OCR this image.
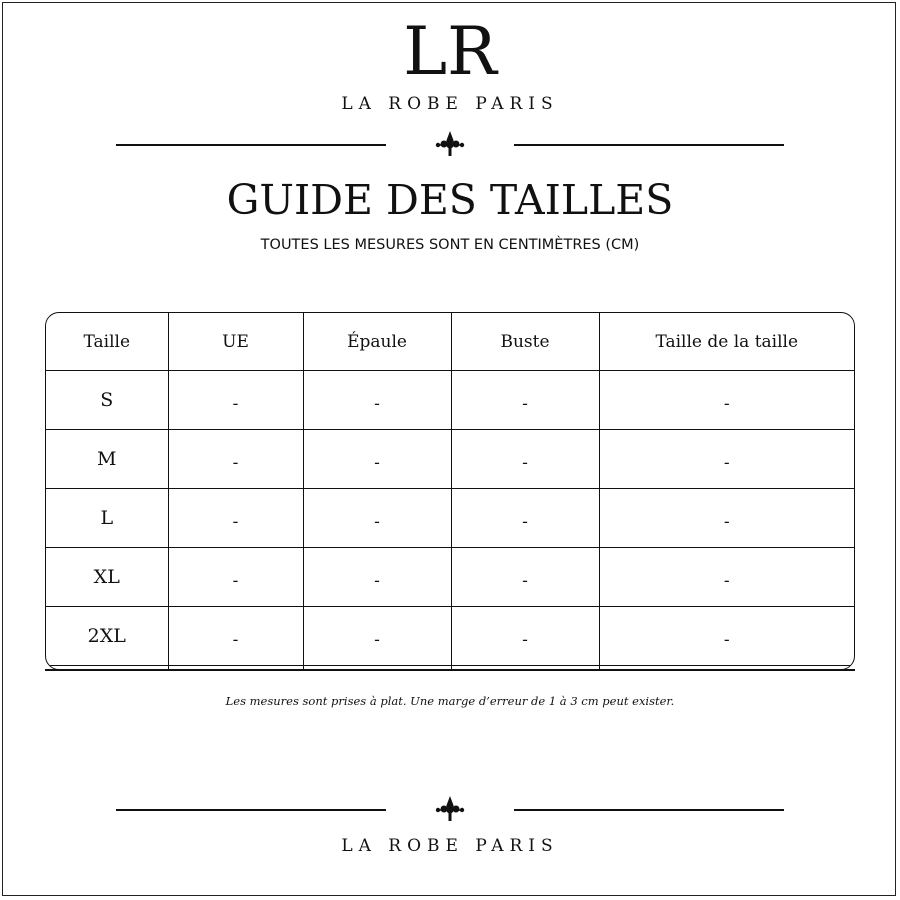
LR
LA ROBE PARIS
GUIDE DES TAILLES
TOUTES LES MESURES SONT EN CENTIMÈTRES (CM)
Taille	UE	Épaule	Buste	Taille de la taille
S	-	-	-	-
M	-	-	-	-
L	-	-	-	-
XL	-	-	-	-
2XL	-	-	-	-

Les mesures sont prises à plat. Une marge d’erreur de 1 à 3 cm peut exister.
LA ROBE PARIS
